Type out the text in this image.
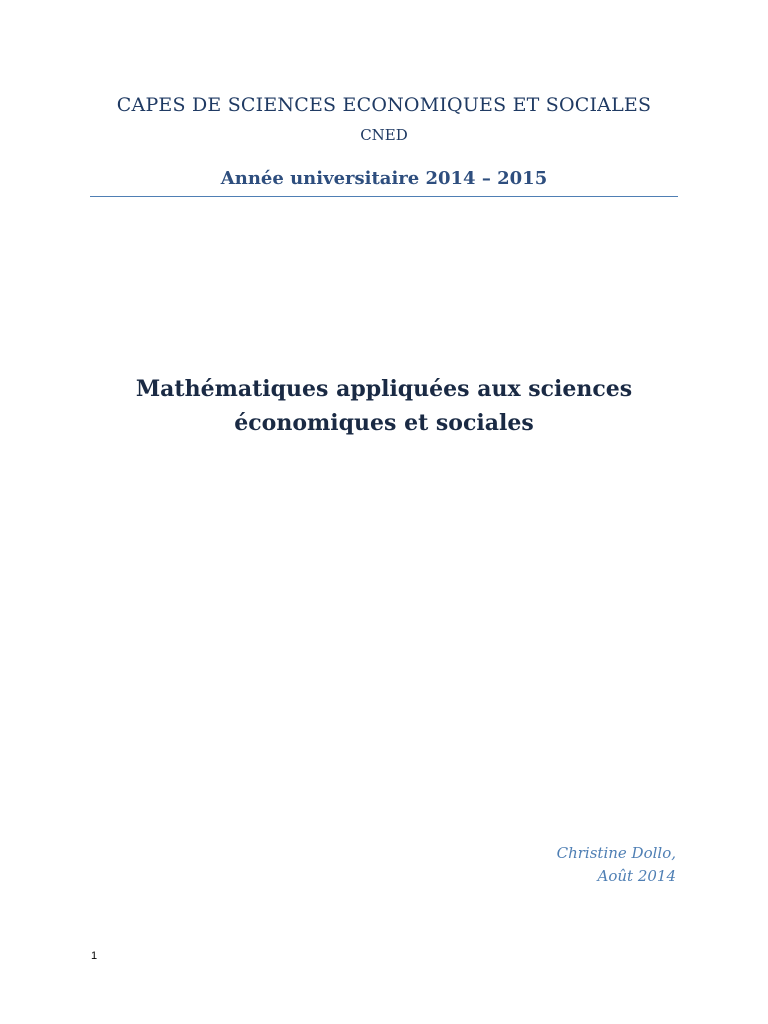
CAPES DE SCIENCES ECONOMIQUES ET SOCIALES
CNED
Année universitaire 2014 – 2015
Mathématiques appliquées aux sciences
économiques et sociales
Christine Dollo,
Août 2014
1
